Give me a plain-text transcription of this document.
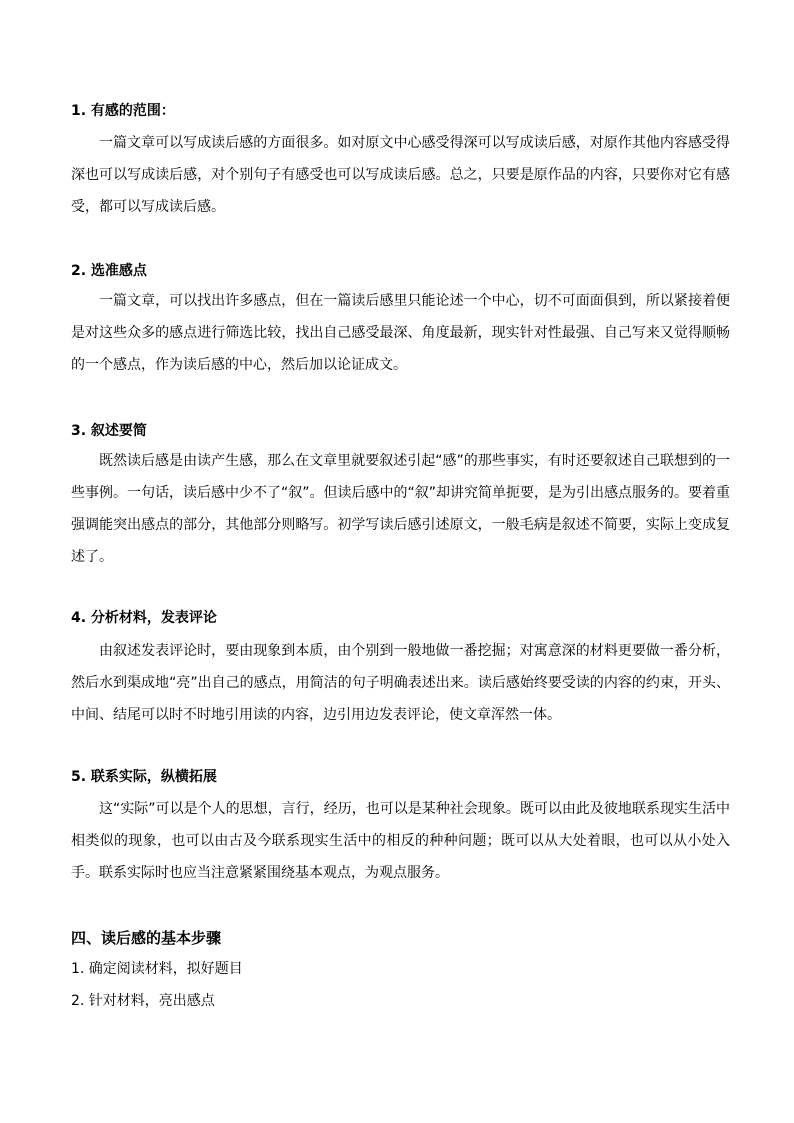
1. 有感的范围：

一篇文章可以写成读后感的方面很多。如对原文中心感受得深可以写成读后感，对原作其他内容感受得深也可以写成读后感，对个别句子有感受也可以写成读后感。总之，只要是原作品的内容，只要你对它有感受，都可以写成读后感。

2. 选准感点

一篇文章，可以找出许多感点，但在一篇读后感里只能论述一个中心，切不可面面俱到，所以紧接着便是对这些众多的感点进行筛选比较，找出自己感受最深、角度最新，现实针对性最强、自己写来又觉得顺畅的一个感点，作为读后感的中心，然后加以论证成文。

3. 叙述要简

既然读后感是由读产生感，那么在文章里就要叙述引起“感”的那些事实，有时还要叙述自己联想到的一些事例。一句话，读后感中少不了“叙”。但读后感中的“叙”却讲究简单扼要，是为引出感点服务的。要着重强调能突出感点的部分，其他部分则略写。初学写读后感引述原文，一般毛病是叙述不简要，实际上变成复述了。

4. 分析材料，发表评论

由叙述发表评论时，要由现象到本质，由个别到一般地做一番挖掘；对寓意深的材料更要做一番分析，然后水到渠成地“亮”出自己的感点，用简洁的句子明确表述出来。读后感始终要受读的内容的约束，开头、中间、结尾可以时不时地引用读的内容，边引用边发表评论，使文章浑然一体。

5. 联系实际，纵横拓展

这“实际”可以是个人的思想，言行，经历，也可以是某种社会现象。既可以由此及彼地联系现实生活中相类似的现象，也可以由古及今联系现实生活中的相反的种种问题；既可以从大处着眼，也可以从小处入手。联系实际时也应当注意紧紧围绕基本观点，为观点服务。

四、读后感的基本步骤
1. 确定阅读材料，拟好题目
2. 针对材料，亮出感点
